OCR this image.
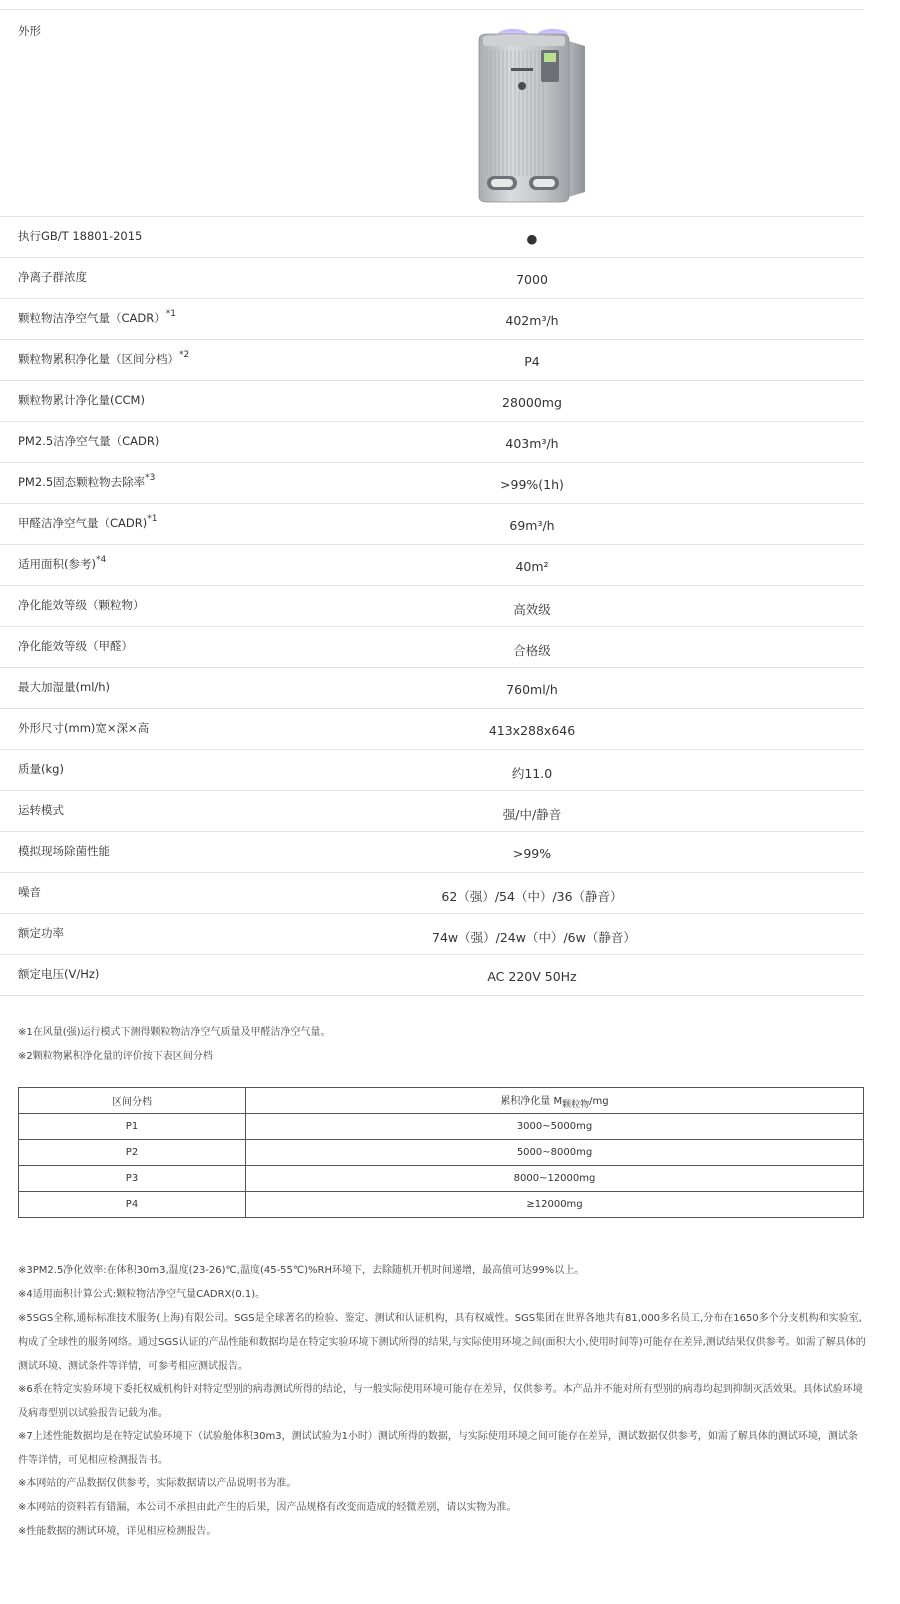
外形
执行GB/T 18801-2015	●
净离子群浓度	7000
颗粒物洁净空气量（CADR）$^{*1}$	402m³/h
颗粒物累积净化量（区间分档）$^{*2}$	P4
颗粒物累计净化量(CCM)	28000mg
PM2.5洁净空气量（CADR)	403m³/h
PM2.5固态颗粒物去除率$^{*3}$	>99%(1h)
甲醛洁净空气量（CADR)$^{*1}$	69m³/h
适用面积(参考)$^{*4}$	40m²
净化能效等级（颗粒物）	高效级
净化能效等级（甲醛）	合格级
最大加湿量(ml/h)	760ml/h
外形尺寸(mm)宽×深×高	413x288x646
质量(kg)	约11.0
运转模式	强/中/静音
模拟现场除菌性能	>99%
噪音	62（强）/54（中）/36（静音）
额定功率	74w（强）/24w（中）/6w（静音）
额定电压(V/Hz)	AC 220V 50Hz
※1在风量(强)运行模式下测得颗粒物洁净空气质量及甲醛洁净空气量。
※2颗粒物累积净化量的评价按下表区间分档
区间分档	累积净化量 $M_{颗粒物}/mg$
P1	3000~5000mg
P2	5000~8000mg
P3	8000~12000mg
P4	≥12000mg
※3PM2.5净化效率:在体积30m3,温度(23-26)℃,温度(45-55℃)%RH环境下，去除随机开机时间递增，最高值可达99%以上。
※4适用面积计算公式:颗粒物洁净空气量CADRX(0.1)。
※5SGS全称,通标标准技术服务(上海)有限公司。SGS是全球著名的检验、鉴定、测试和认证机构，具有权威性。SGS集团在世界各地共有81,000多名员工,分布在1650多个分支机构和实验室,构成了全球性的服务网络。通过SGS认证的产品性能和数据均是在特定实验环境下测试所得的结果,与实际使用环境之间(面积大小,使用时间等)可能存在差异,测试结果仅供参考。如需了解具体的测试环境、测试条件等详情，可参考相应测试报告。
※6系在特定实验环境下委托权威机构针对特定型别的病毒测试所得的结论，与一般实际使用环境可能存在差异，仅供参考。本产品并不能对所有型别的病毒均起到抑制灭活效果。具体试验环境及病毒型别以试验报告记载为准。
※7上述性能数据均是在特定试验环境下（试验舱体积30m3，测试试验为1小时）测试所得的数据，与实际使用环境之间可能存在差异，测试数据仅供参考，如需了解具体的测试环境，测试条件等详情，可见相应检测报告书。
※本网站的产品数据仅供参考，实际数据请以产品说明书为准。
※本网站的资料若有错漏，本公司不承担由此产生的后果，因产品规格有改变而造成的轻微差别，请以实物为准。
※性能数据的测试环境，详见相应检测报告。
